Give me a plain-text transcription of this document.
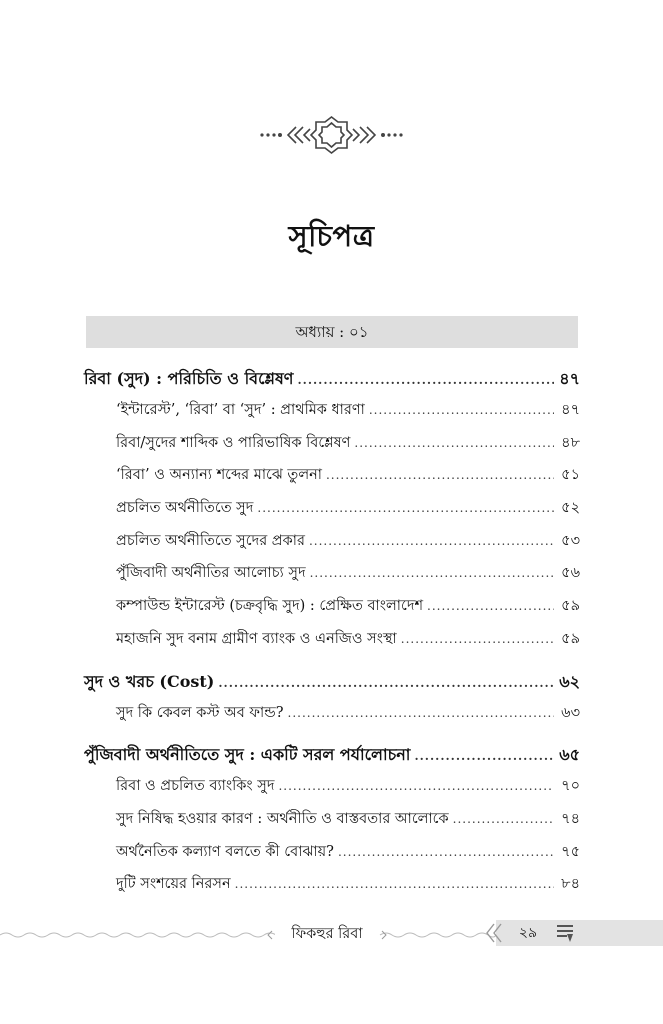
সূচিপত্র
অধ্যায় : ০১
রিবা (সুদ) : পরিচিতি ও বিশ্লেষণ .....	৪৭
‘ইন্টারেস্ট’, ‘রিবা’ বা ‘সুদ’ : প্রাথমিক ধারণা .....	৪৭
রিবা/সুদের শাব্দিক ও পারিভাষিক বিশ্লেষণ .....	৪৮
‘রিবা’ ও অন্যান্য শব্দের মাঝে তুলনা .....	৫১
প্রচলিত অর্থনীতিতে সুদ .....	৫২
প্রচলিত অর্থনীতিতে সুদের প্রকার .....	৫৩
পুঁজিবাদী অর্থনীতির আলোচ্য সুদ .....	৫৬
কম্পাউন্ড ইন্টারেস্ট (চক্রবৃদ্ধি সুদ) : প্রেক্ষিত বাংলাদেশ .....	৫৯
মহাজনি সুদ বনাম গ্রামীণ ব্যাংক ও এনজিও সংস্থা .....	৫৯
সুদ ও খরচ (Cost) .....	৬২
সুদ কি কেবল কস্ট অব ফান্ড? .....	৬৩
পুঁজিবাদী অর্থনীতিতে সুদ : একটি সরল পর্যালোচনা .....	৬৫
রিবা ও প্রচলিত ব্যাংকিং সুদ .....	৭০
সুদ নিষিদ্ধ হওয়ার কারণ : অর্থনীতি ও বাস্তবতার আলোকে .....	৭৪
অর্থনৈতিক কল্যাণ বলতে কী বোঝায়? .....	৭৫
দুটি সংশয়ের নিরসন .....	৮৪
ফিকহুর রিবা	২৯
